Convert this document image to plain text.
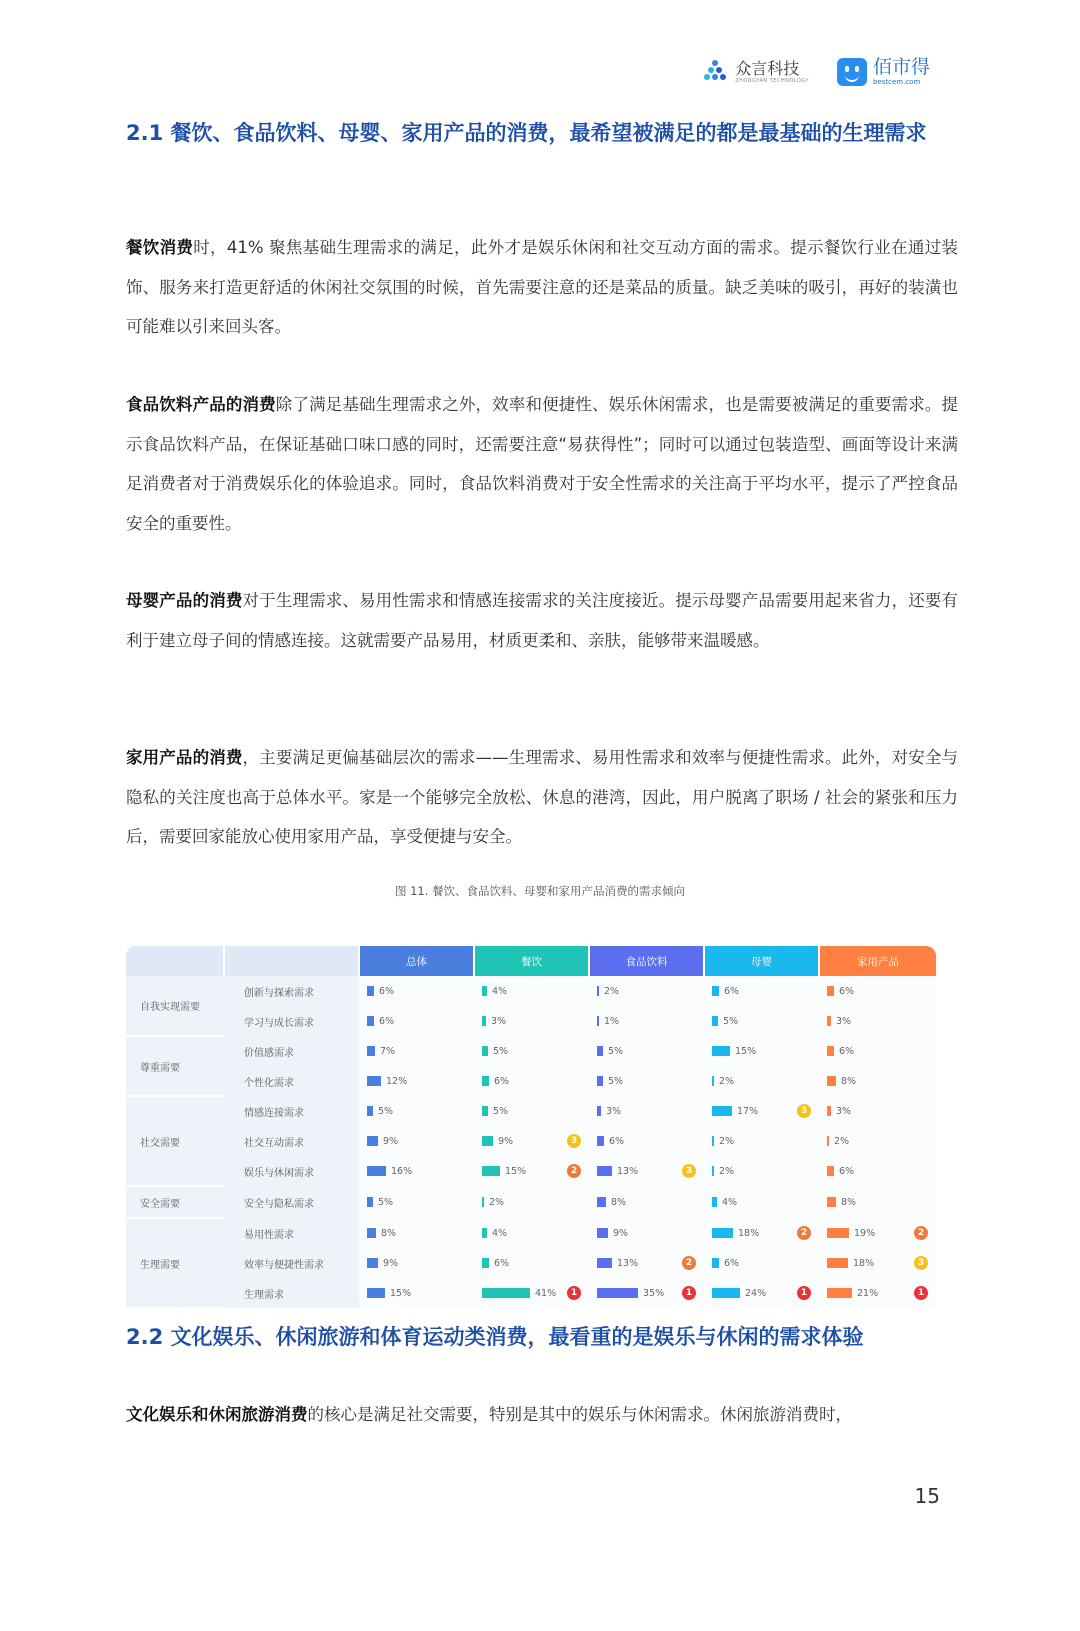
众言科技
ZHONGYAN TECHNOLOGY
佰市得
bestcem.com
2.1 餐饮、食品饮料、母婴、家用产品的消费，最希望被满足的都是最基础的生理需求
餐饮消费时，41% 聚焦基础生理需求的满足，此外才是娱乐休闲和社交互动方面的需求。提示餐饮行业在通过装饰、服务来打造更舒适的休闲社交氛围的时候，首先需要注意的还是菜品的质量。缺乏美味的吸引，再好的装潢也可能难以引来回头客。
食品饮料产品的消费除了满足基础生理需求之外，效率和便捷性、娱乐休闲需求，也是需要被满足的重要需求。提示食品饮料产品，在保证基础口味口感的同时，还需要注意“易获得性”；同时可以通过包装造型、画面等设计来满足消费者对于消费娱乐化的体验追求。同时，食品饮料消费对于安全性需求的关注高于平均水平，提示了严控食品安全的重要性。
母婴产品的消费对于生理需求、易用性需求和情感连接需求的关注度接近。提示母婴产品需要用起来省力，还要有利于建立母子间的情感连接。这就需要产品易用，材质更柔和、亲肤，能够带来温暖感。
家用产品的消费，主要满足更偏基础层次的需求——生理需求、易用性需求和效率与便捷性需求。此外，对安全与隐私的关注度也高于总体水平。家是一个能够完全放松、休息的港湾，因此，用户脱离了职场 / 社会的紧张和压力后，需要回家能放心使用家用产品，享受便捷与安全。
图 11. 餐饮、食品饮料、母婴和家用产品消费的需求倾向
		总体	餐饮	食品饮料	母婴	家用产品
自我实现需要	创新与探索需求	6%	4%	2%	6%	6%

	学习与成长需求	6%	3%	1%	5%	3%

尊重需要	价值感需求	7%	5%	5%	15%	6%

	个性化需求	12%	6%	5%	2%	8%

社交需要	情感连接需求	5%	5%	3%	17% 3	3%

	社交互动需求	9%	9% 3	6%	2%	2%

	娱乐与休闲需求	16%	15% 2	13% 3	2%	6%

安全需要	安全与隐私需求	5%	2%	8%	4%	8%

生理需要	易用性需求	8%	4%	9%	18% 2	19% 2

	效率与便捷性需求	9%	6%	13% 2	6%	18% 3

	生理需求	15%	41% 1	35% 1	24% 1	21% 1
2.2 文化娱乐、休闲旅游和体育运动类消费，最看重的是娱乐与休闲的需求体验
文化娱乐和休闲旅游消费的核心是满足社交需要，特别是其中的娱乐与休闲需求。休闲旅游消费时，
15
